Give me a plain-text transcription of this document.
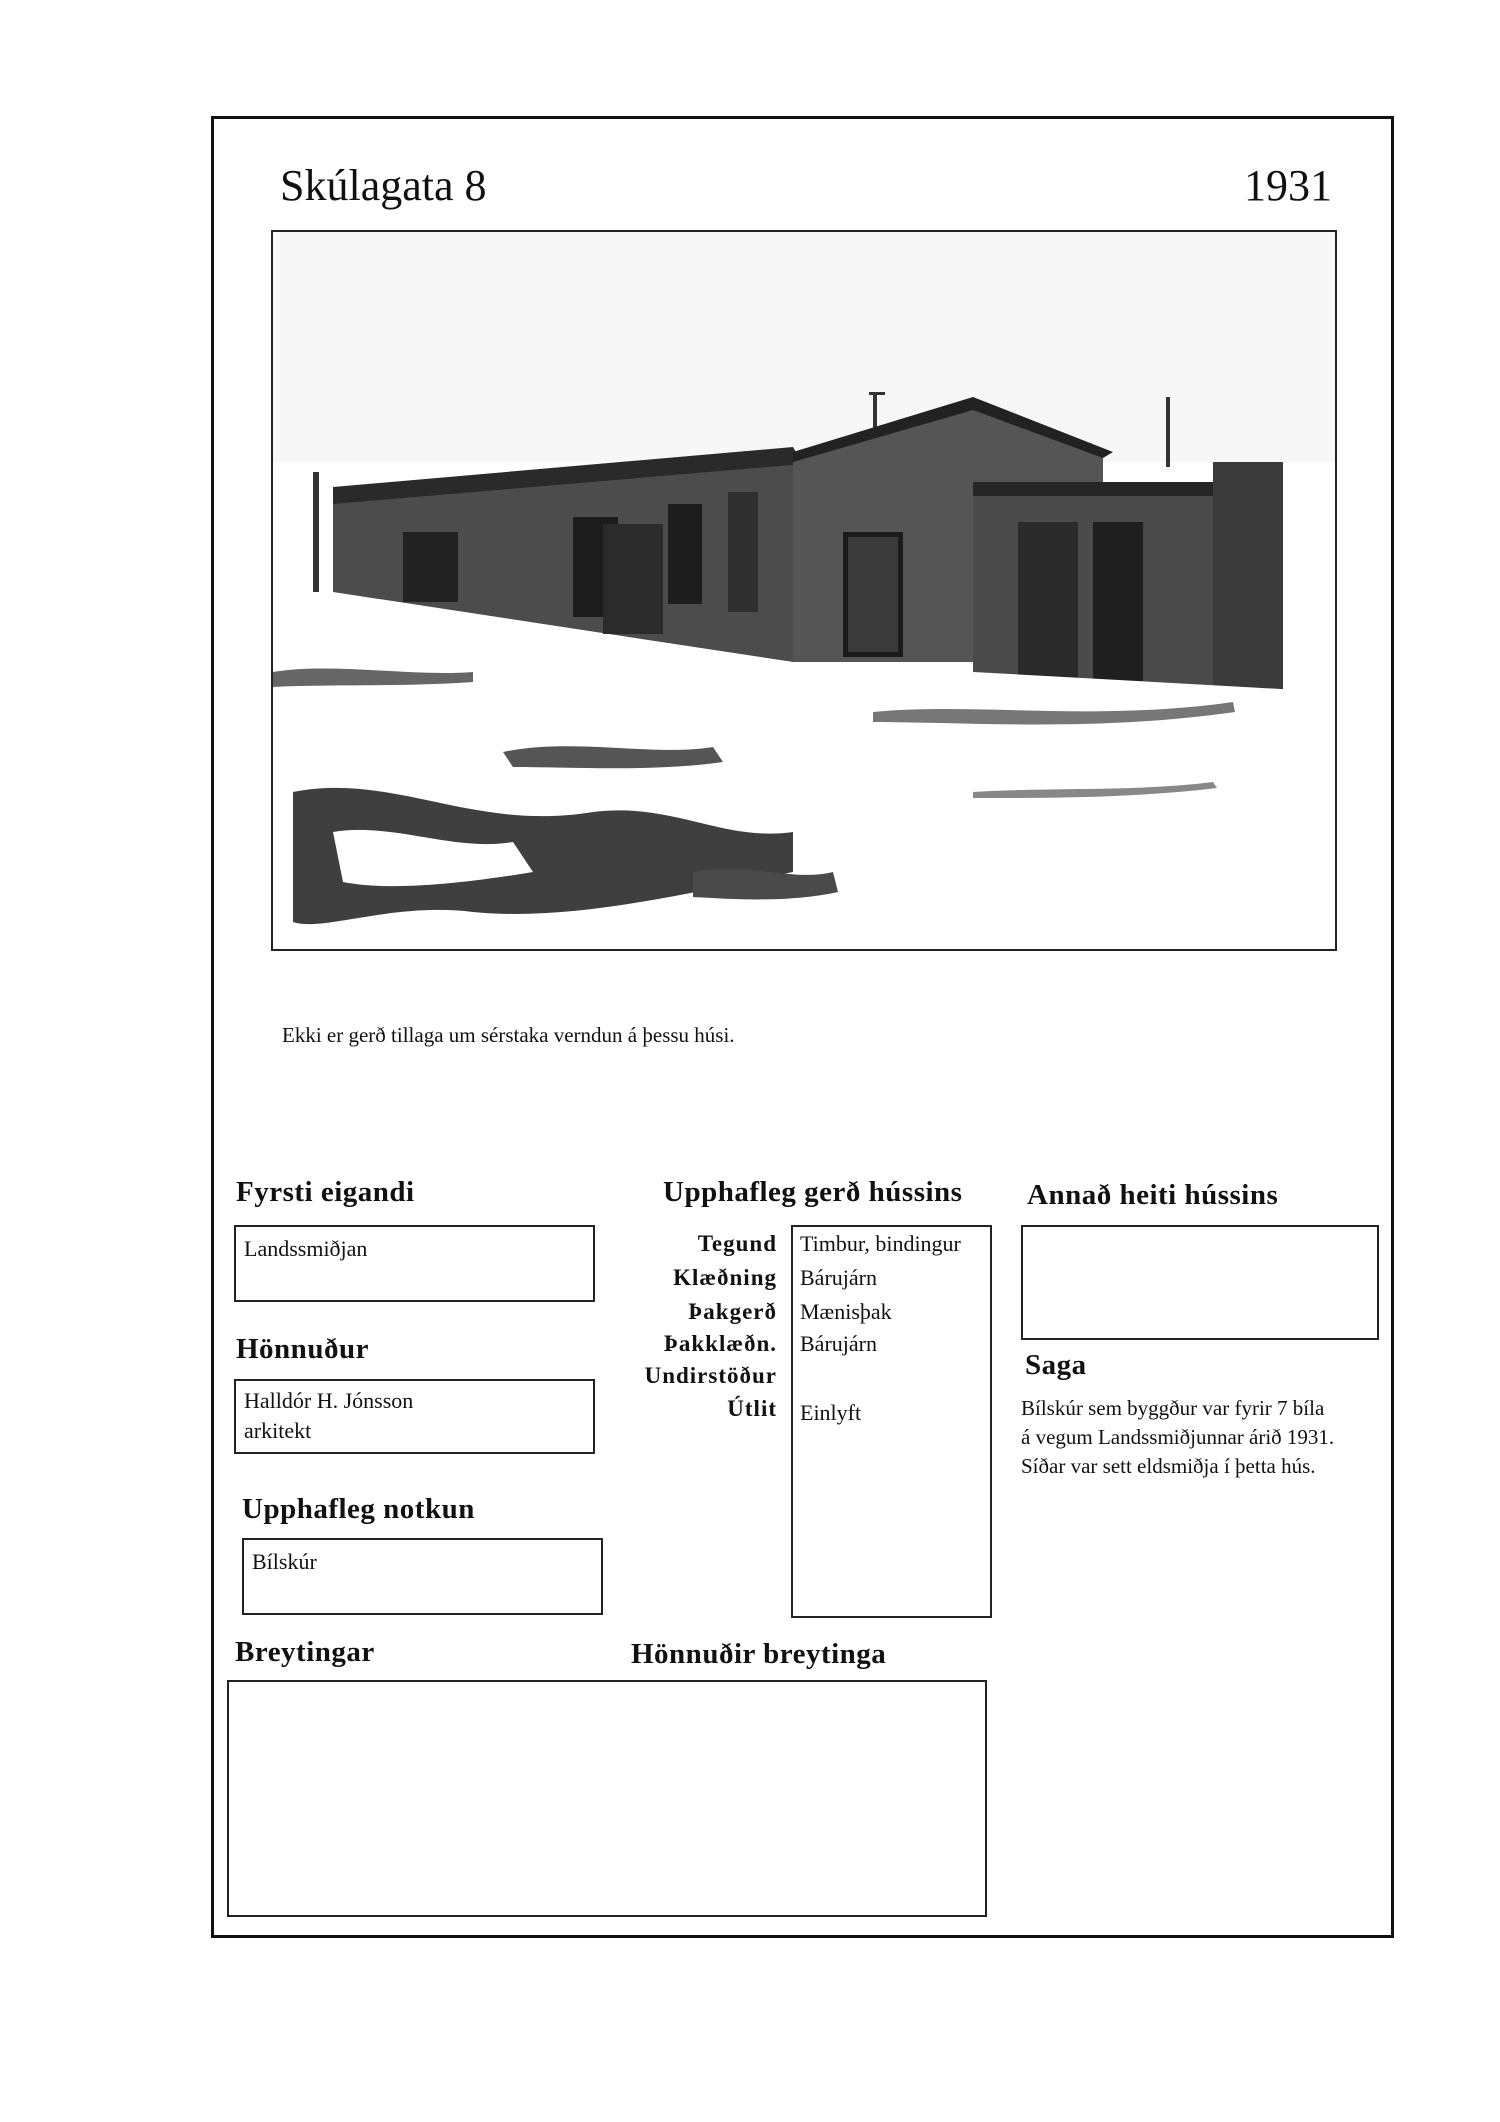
Skúlagata 8	1931
Ekki er gerð tillaga um sérstaka verndun á þessu húsi.
Fyrsti eigandi
Landssmiðjan
Hönnuður
Halldór H. Jónsson
arkitekt
Upphafleg notkun
Bílskúr
Upphafleg gerð hússins
Tegund
Klæðning
Þakgerð
Þakklæðn.
Undirstöður
Útlit
Timbur, bindingur
Bárujárn
Mænisþak
Bárujárn
Einlyft
Annað heiti hússins
Saga
Bílskúr sem byggður var fyrir 7 bíla
á vegum Landssmiðjunnar árið 1931.
Síðar var sett eldsmiðja í þetta hús.
Breytingar	Hönnuðir breytinga
